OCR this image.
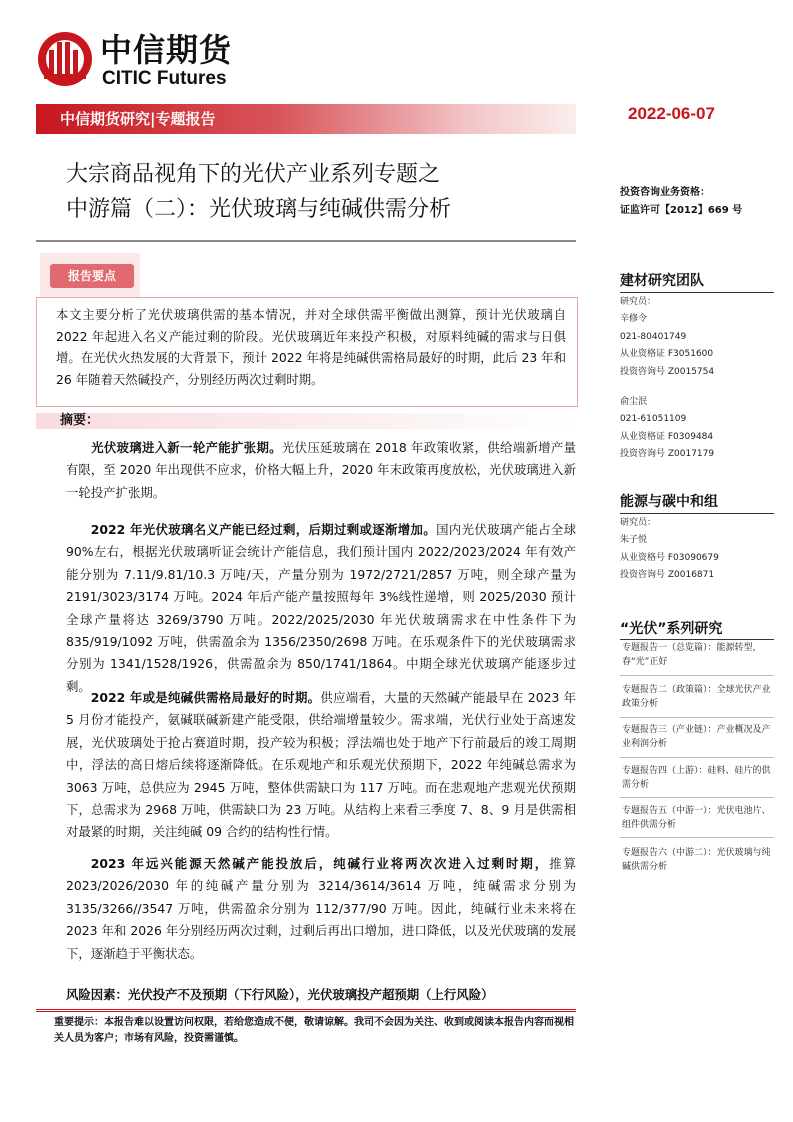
中信期货
CITIC Futures
中信期货研究|专题报告	2022-06-07
大宗商品视角下的光伏产业系列专题之
中游篇（二）：光伏玻璃与纯碱供需分析
投资咨询业务资格：
证监许可【2012】669 号
报告要点
本文主要分析了光伏玻璃供需的基本情况，并对全球供需平衡做出测算，预计光伏玻璃自 2022 年起进入名义产能过剩的阶段。光伏玻璃近年来投产积极，对原料纯碱的需求与日俱增。在光伏火热发展的大背景下，预计 2022 年将是纯碱供需格局最好的时期，此后 23 年和 26 年随着天然碱投产，分别经历两次过剩时期。
摘要：
  光伏玻璃进入新一轮产能扩张期。光伏压延玻璃在 2018 年政策收紧，供给端新增产量有限，至 2020 年出现供不应求，价格大幅上升，2020 年末政策再度放松，光伏玻璃进入新一轮投产扩张期。
  2022 年光伏玻璃名义产能已经过剩，后期过剩或逐渐增加。国内光伏玻璃产能占全球 90%左右，根据光伏玻璃听证会统计产能信息，我们预计国内 2022/2023/2024 年有效产能分别为 7.11/9.81/10.3 万吨/天，产量分别为 1972/2721/2857 万吨，则全球产量为 2191/3023/3174 万吨。2024 年后产能产量按照每年 3%线性递增，则 2025/2030 预计全球产量将达 3269/3790 万吨。2022/2025/2030 年光伏玻璃需求在中性条件下为 835/919/1092 万吨，供需盈余为 1356/2350/2698 万吨。在乐观条件下的光伏玻璃需求分别为 1341/1528/1926，供需盈余为 850/1741/1864。中期全球光伏玻璃产能逐步过剩。
  2022 年或是纯碱供需格局最好的时期。供应端看，大量的天然碱产能最早在 2023 年 5 月份才能投产，氨碱联碱新建产能受限，供给端增量较少。需求端，光伏行业处于高速发展，光伏玻璃处于抢占赛道时期，投产较为积极；浮法端也处于地产下行前最后的竣工周期中，浮法的高日熔后续将逐渐降低。在乐观地产和乐观光伏预期下，2022 年纯碱总需求为 3063 万吨，总供应为 2945 万吨，整体供需缺口为 117 万吨。而在悲观地产悲观光伏预期下，总需求为 2968 万吨，供需缺口为 23 万吨。从结构上来看三季度 7、8、9 月是供需相对最紧的时期，关注纯碱 09 合约的结构性行情。
  2023 年远兴能源天然碱产能投放后，纯碱行业将两次次进入过剩时期，推算 2023/2026/2030 年的纯碱产量分别为 3214/3614/3614 万吨，纯碱需求分别为 3135/3266//3547 万吨，供需盈余分别为 112/377/90 万吨。因此，纯碱行业未来将在 2023 年和 2026 年分别经历两次过剩，过剩后再出口增加，进口降低，以及光伏玻璃的发展下，逐渐趋于平衡状态。
风险因素：光伏投产不及预期（下行风险），光伏玻璃投产超预期（上行风险）
重要提示：本报告难以设置访问权限，若给您造成不便，敬请谅解。我司不会因为关注、收到或阅读本报告内容而视相关人员为客户；市场有风险，投资需谨慎。
建材研究团队
研究员：
辛修令
021-80401749
从业资格证 F3051600
投资咨询号 Z0015754
俞尘泯
021-61051109
从业资格证 F0309484
投资咨询号 Z0017179
能源与碳中和组
研究员：
朱子悦
从业资格号 F03090679
投资咨询号 Z0016871
“光伏”系列研究
专题报告一（总览篇）：能源转型，春“光”正好
专题报告二（政策篇）：全球光伏产业政策分析
专题报告三（产业链）：产业概况及产业利润分析
专题报告四（上游）：硅料、硅片的供需分析
专题报告五（中游一）：光伏电池片、组件供需分析
专题报告六（中游二）：光伏玻璃与纯碱供需分析
